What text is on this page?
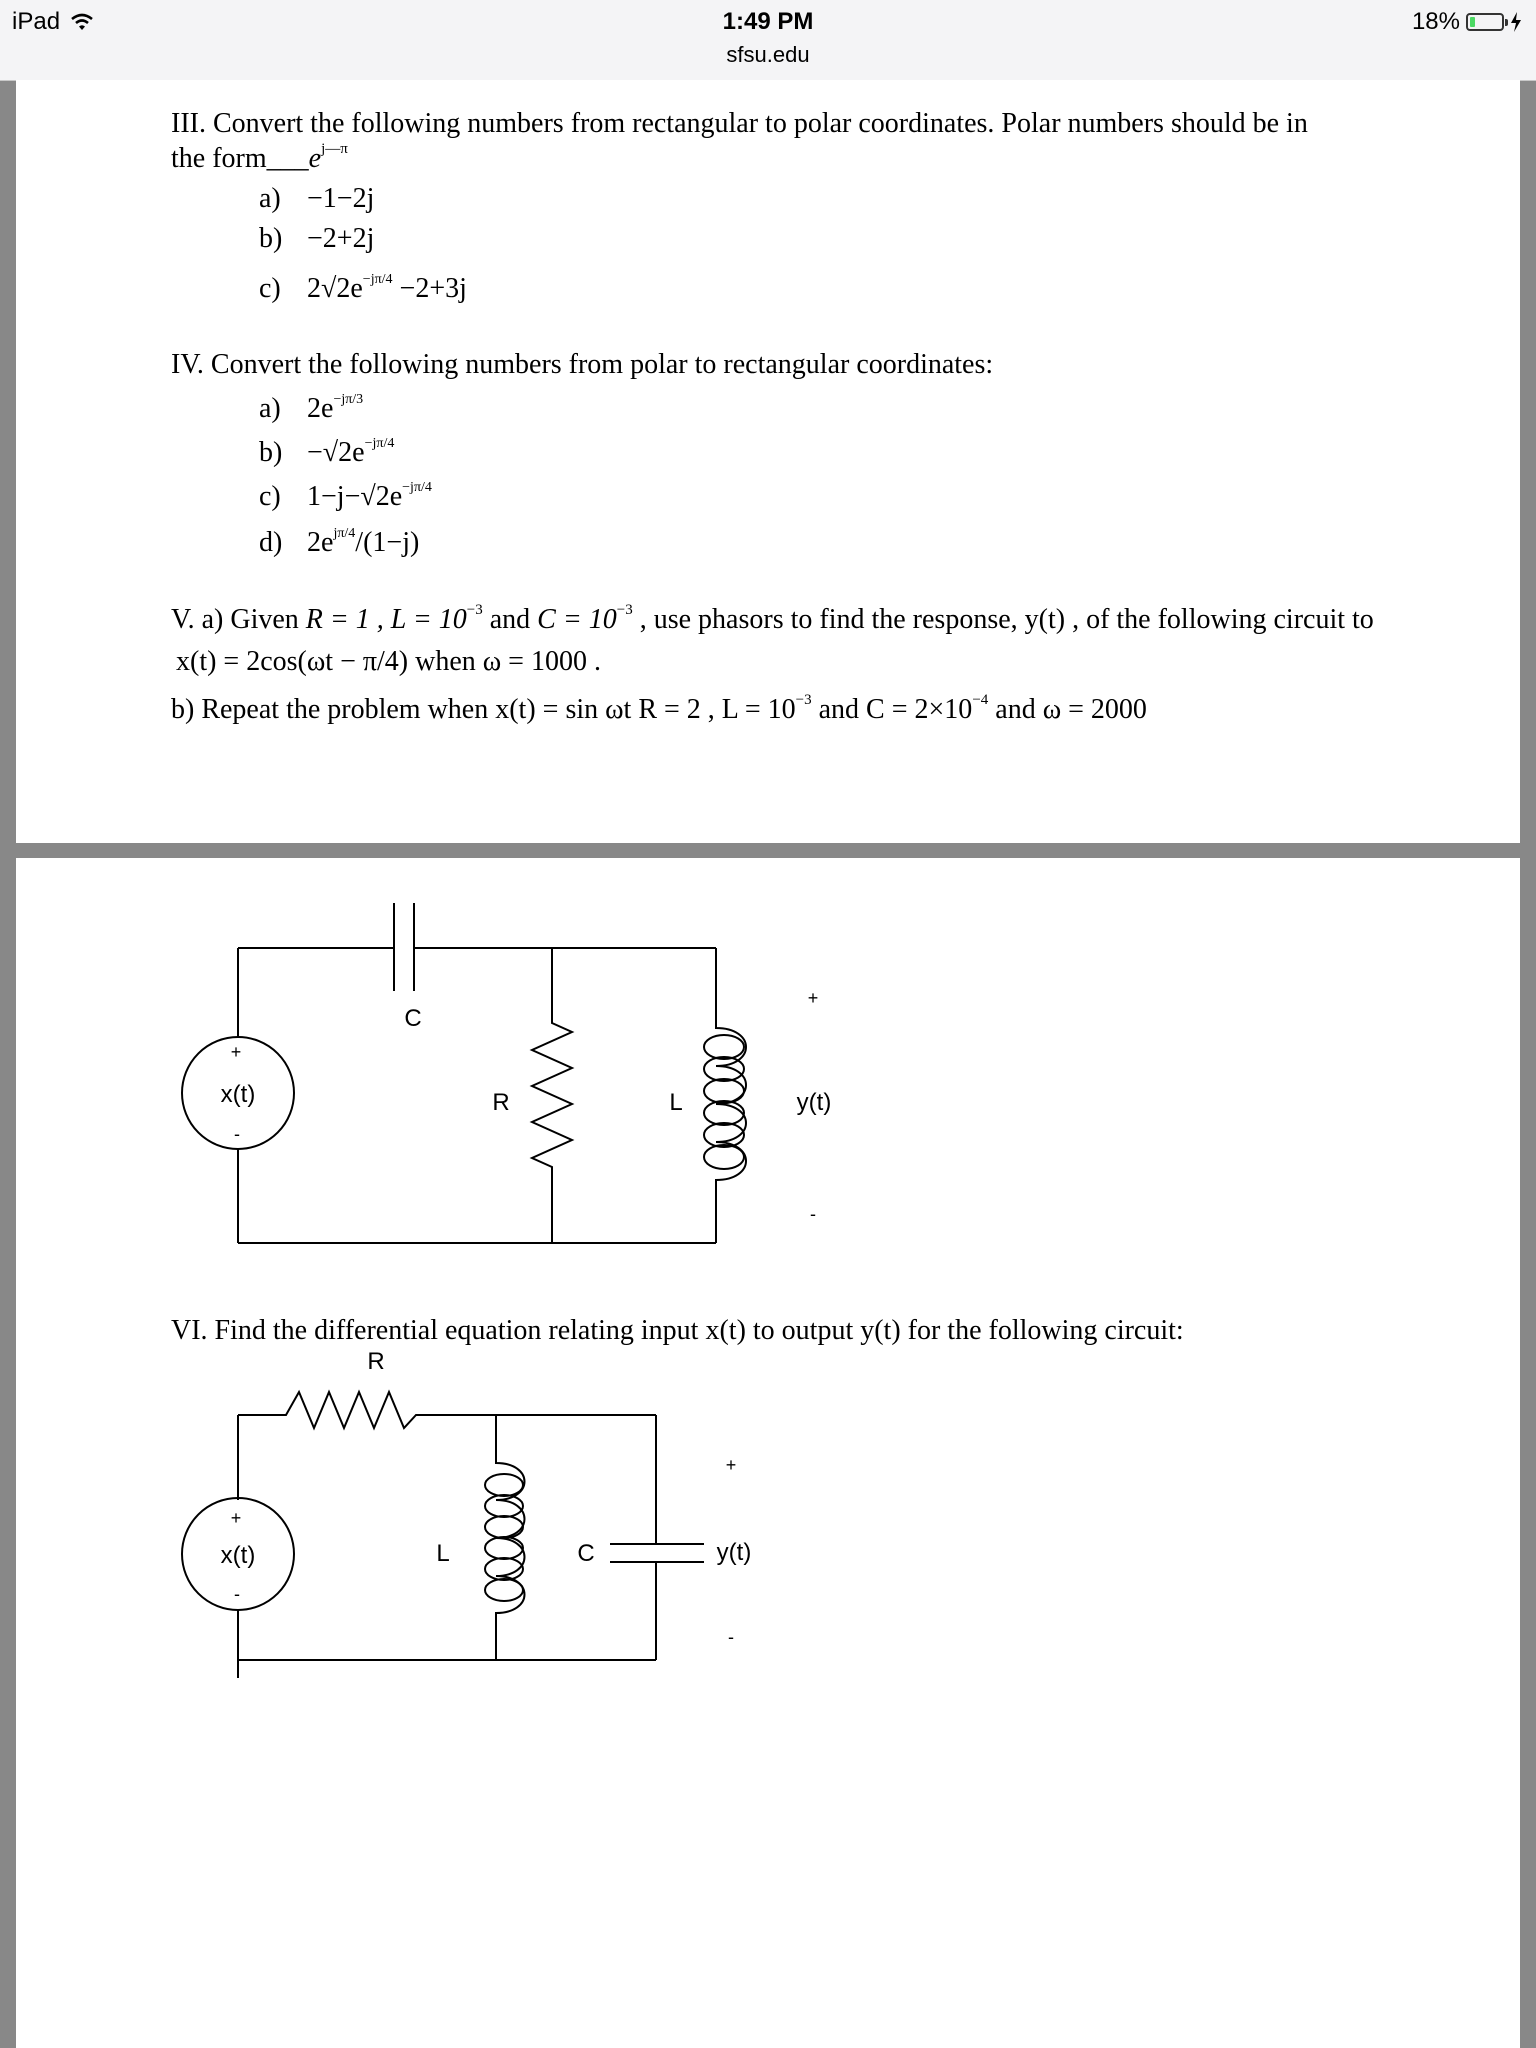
iPad	1:49 PM
sfsu.edu
18%
III. Convert the following numbers from rectangular to polar coordinates. Polar numbers should be in
the $form\_\_\_e^{j—\pi}$
a) −1−2j
b) −2+2j
c) $2√2e^{-j\pi/4} -2+3j$
IV. Convert the following numbers from polar to rectangular coordinates:
a) $2e^{-j\pi/3}$
$b) -√2e^{-j\pi/4}$
c) $1-j-√2e^{-j\pi/4}$
d) $2e^{j\pi/4}/(1-j)$
V. a) Given R = 1 , $L = 10^{-3}$ and $C = 10^{-3}$ , use phasors to find the response, y(t) , of the following circuit to
x(t) = 2cos(ωt − π/4) when ω = 1000 .
b) Repeat the problem when x(t) = sin ωt R = 2 , $L = 10^{-3}$ and $C = 2\times 10^{-4}$ and ω = 2000
C
+
x(t)
-
R	L
+
y(t)
-
VI. Find the differential equation relating input x(t) to output y(t) for the following circuit:
R
+
x(t)
-
L	C
+
y(t)
-
